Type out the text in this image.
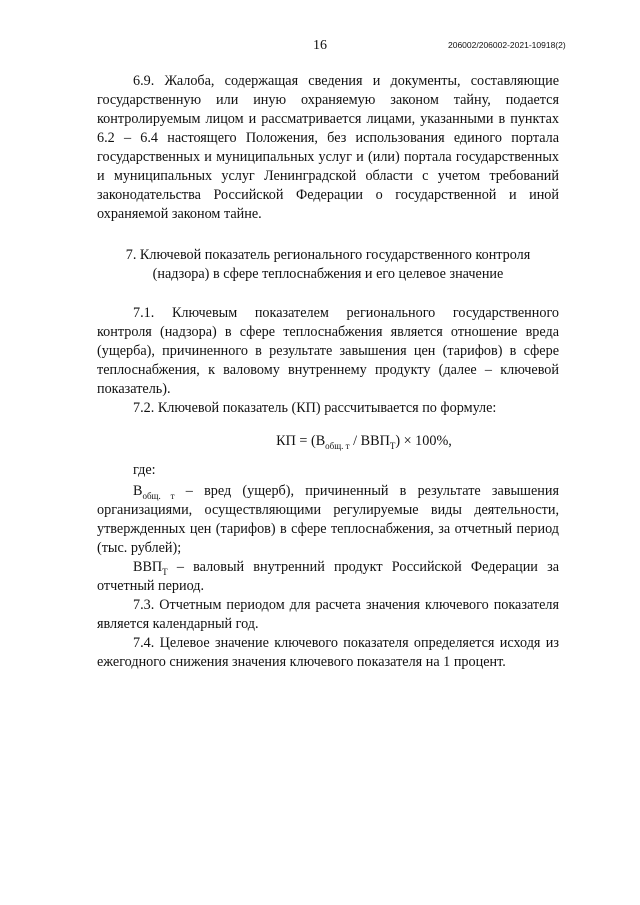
16	206002/206002-2021-10918(2)

6.9. Жалоба, содержащая сведения и документы, составляющие государственную или иную охраняемую законом тайну, подается контролируемым лицом и рассматривается лицами, указанными в пунктах 6.2 – 6.4 настоящего Положения, без использования единого портала государственных и муниципальных услуг и (или) портала государственных и муниципальных услуг Ленинградской области с учетом требований законодательства Российской Федерации о государственной и иной охраняемой законом тайне.

7. Ключевой показатель регионального государственного контроля
(надзора) в сфере теплоснабжения и его целевое значение

7.1. Ключевым показателем регионального государственного контроля (надзора) в сфере теплоснабжения является отношение вреда (ущерба), причиненного в результате завышения цен (тарифов) в сфере теплоснабжения, к валовому внутреннему продукту (далее – ключевой показатель).

7.2. Ключевой показатель (КП) рассчитывается по формуле:

КП = $(В_{общ. т} / ВВП_Т) \times 100\%$,
где:

$В_{общ. т}$ – вред (ущерб), причиненный в результате завышения организациями, осуществляющими регулируемые виды деятельности, утвержденных цен (тарифов) в сфере теплоснабжения, за отчетный период (тыс. рублей);

$ВВП_Т$ – валовый внутренний продукт Российской Федерации за отчетный период.

7.3. Отчетным периодом для расчета значения ключевого показателя является календарный год.

7.4. Целевое значение ключевого показателя определяется исходя из ежегодного снижения значения ключевого показателя на 1 процент.
